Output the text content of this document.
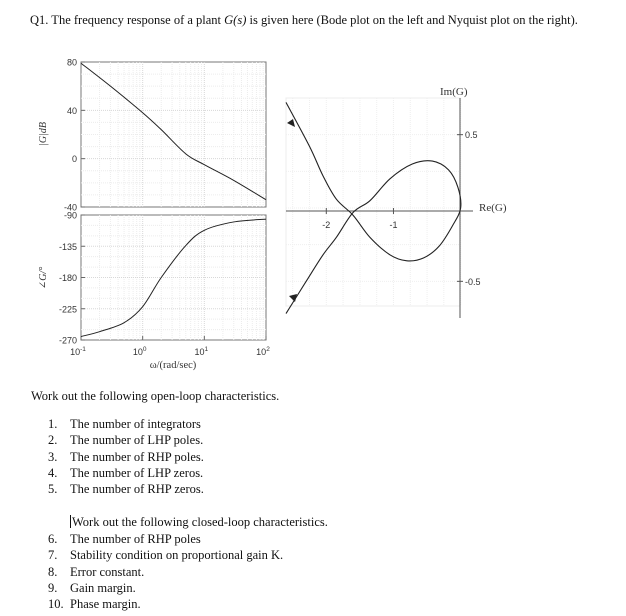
Q1. The frequency response of a plant G(s) is given here (Bode plot on the left and Nyquist plot on the right).
80
40
0
-40
|G|dB
-90
-135
-180
-225
-270
$10^{-1}$	$10^0$	$10^1$	$10^2$
∠G/°
ω/(rad/sec)
-2	-1
0.5
-0.5
Im(G)
Re(G)
Work out the following open-loop characteristics.
1. The number of integrators
2. The number of LHP poles.
3. The number of RHP poles.
4. The number of LHP zeros.
5. The number of RHP zeros.
Work out the following closed-loop characteristics.
6. The number of RHP poles
7. Stability condition on proportional gain K.
8. Error constant.
9. Gain margin.
10. Phase margin.
